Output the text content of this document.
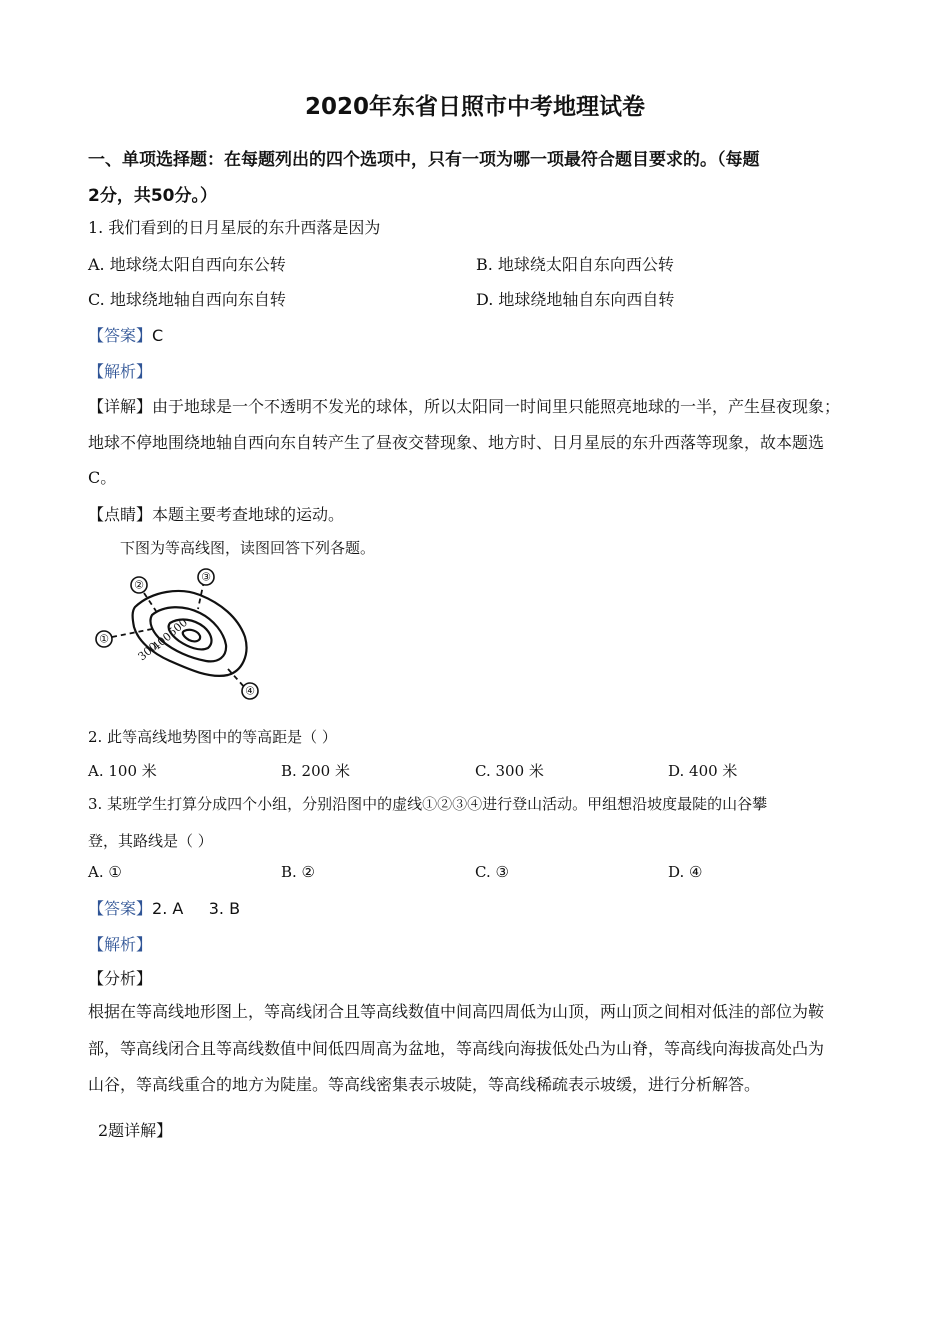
2020年东省日照市中考地理试卷
一、单项选择题：在每题列出的四个选项中，只有一项为哪一项最符合题目要求的。（每题
2分，共50分。）
1. 我们看到的日月星辰的东升西落是因为
A. 地球绕太阳自西向东公转	B. 地球绕太阳自东向西公转
C. 地球绕地轴自西向东自转	D. 地球绕地轴自东向西自转
【答案】C
【解析】
【详解】由于地球是一个不透明不发光的球体，所以太阳同一时间里只能照亮地球的一半，产生昼夜现象；
地球不停地围绕地轴自西向东自转产生了昼夜交替现象、地方时、日月星辰的东升西落等现象，故本题选
C。
【点睛】本题主要考查地球的运动。
下图为等高线图，读图回答下列各题。
①
②
③
④
300
400
500
2. 此等高线地势图中的等高距是（ ）
A. 100 米	B. 200 米	C. 300 米	D. 400 米
3. 某班学生打算分成四个小组，分别沿图中的虚线①②③④进行登山活动。甲组想沿坡度最陡的山谷攀
登，其路线是（ ）
A. ①	B. ②	C. ③	D. ④
【答案】2. A     3. B
【解析】
【分析】
根据在等高线地形图上，等高线闭合且等高线数值中间高四周低为山顶，两山顶之间相对低洼的部位为鞍
部，等高线闭合且等高线数值中间低四周高为盆地，等高线向海拔低处凸为山脊，等高线向海拔高处凸为
山谷，等高线重合的地方为陡崖。等高线密集表示坡陡，等高线稀疏表示坡缓，进行分析解答。
2题详解】
